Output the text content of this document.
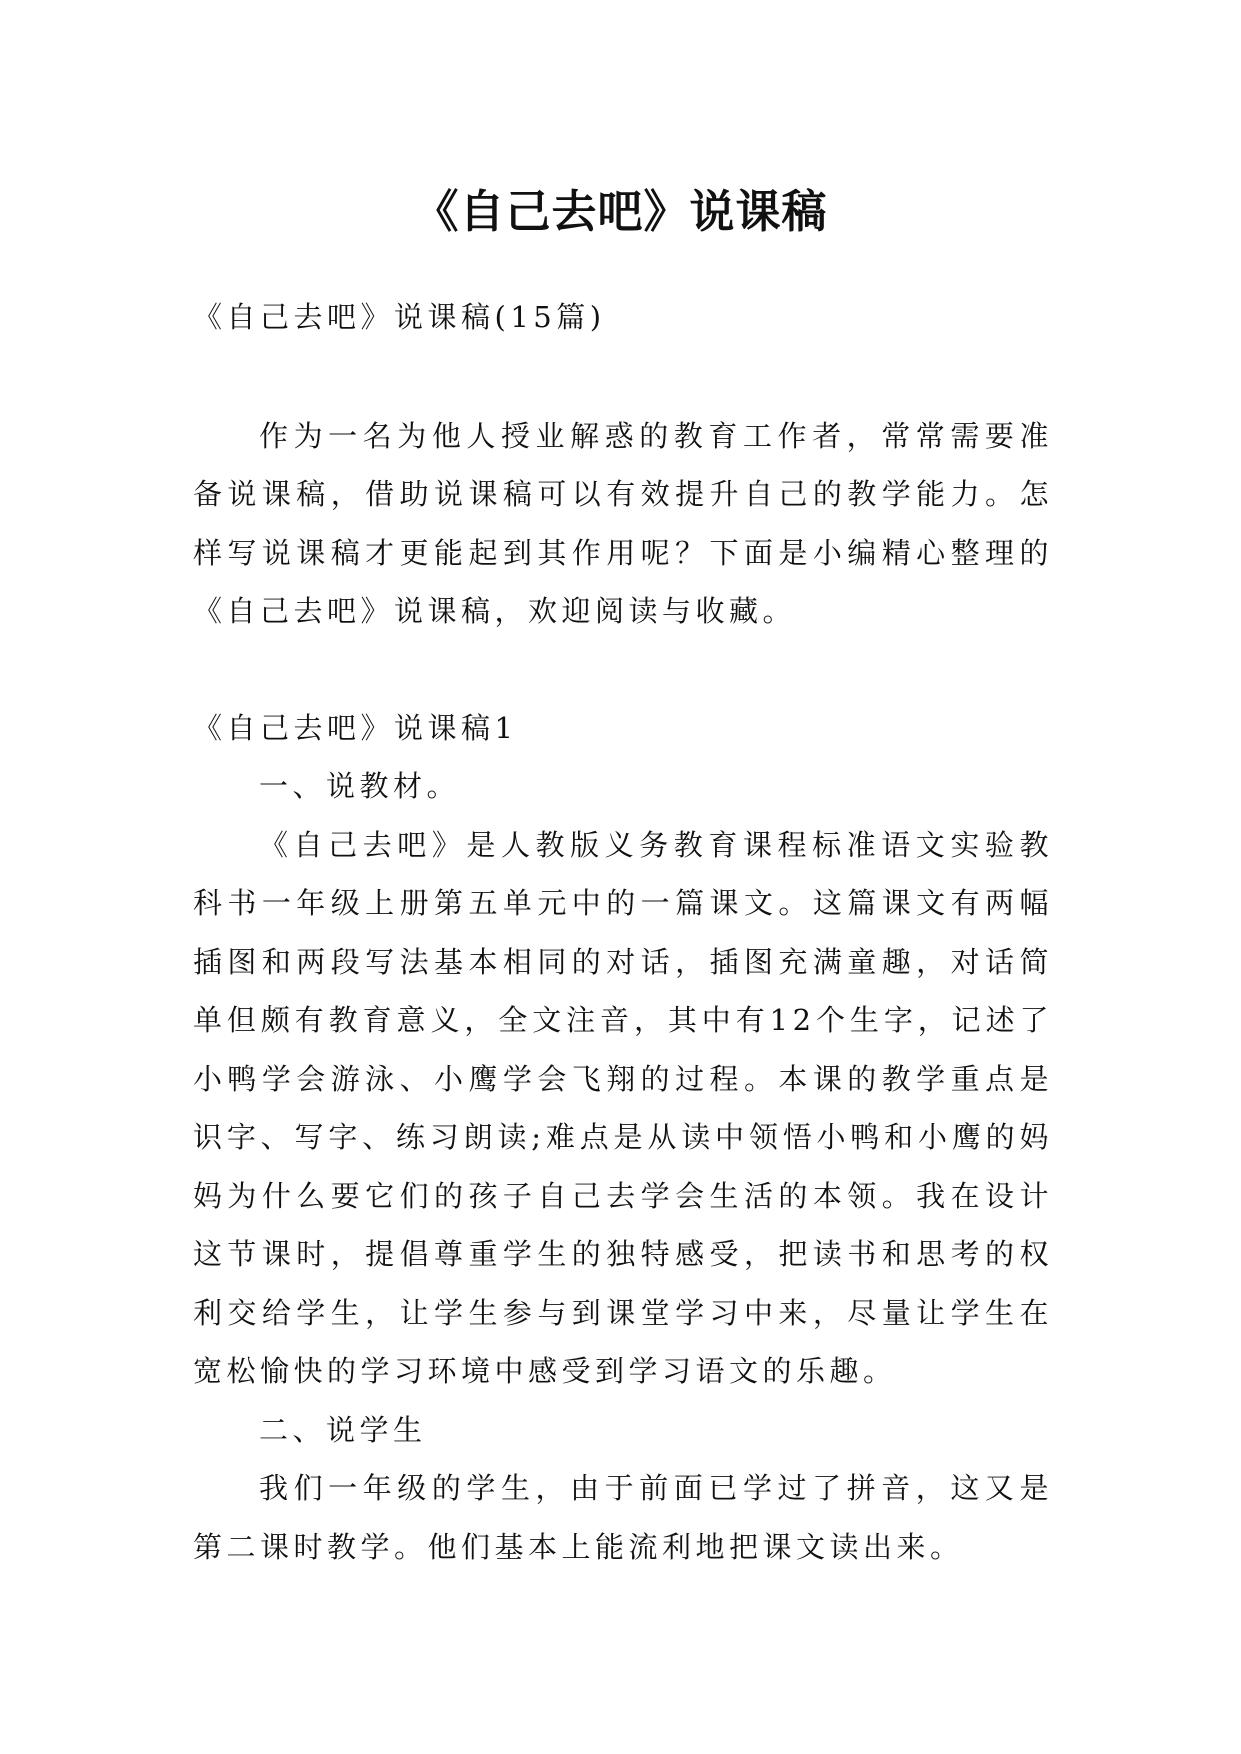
《自己去吧》说课稿

《自己去吧》说课稿(15篇)

作为一名为他人授业解惑的教育工作者，常常需要准备说课稿，借助说课稿可以有效提升自己的教学能力。怎样写说课稿才更能起到其作用呢？下面是小编精心整理的《自己去吧》说课稿，欢迎阅读与收藏。

《自己去吧》说课稿1

一、说教材。

《自己去吧》是人教版义务教育课程标准语文实验教科书一年级上册第五单元中的一篇课文。这篇课文有两幅插图和两段写法基本相同的对话，插图充满童趣，对话简单但颇有教育意义，全文注音，其中有12个生字，记述了小鸭学会游泳、小鹰学会飞翔的过程。本课的教学重点是识字、写字、练习朗读;难点是从读中领悟小鸭和小鹰的妈妈为什么要它们的孩子自己去学会生活的本领。我在设计这节课时，提倡尊重学生的独特感受，把读书和思考的权利交给学生，让学生参与到课堂学习中来，尽量让学生在宽松愉快的学习环境中感受到学习语文的乐趣。

二、说学生

我们一年级的学生，由于前面已学过了拼音，这又是第二课时教学。他们基本上能流利地把课文读出来。
